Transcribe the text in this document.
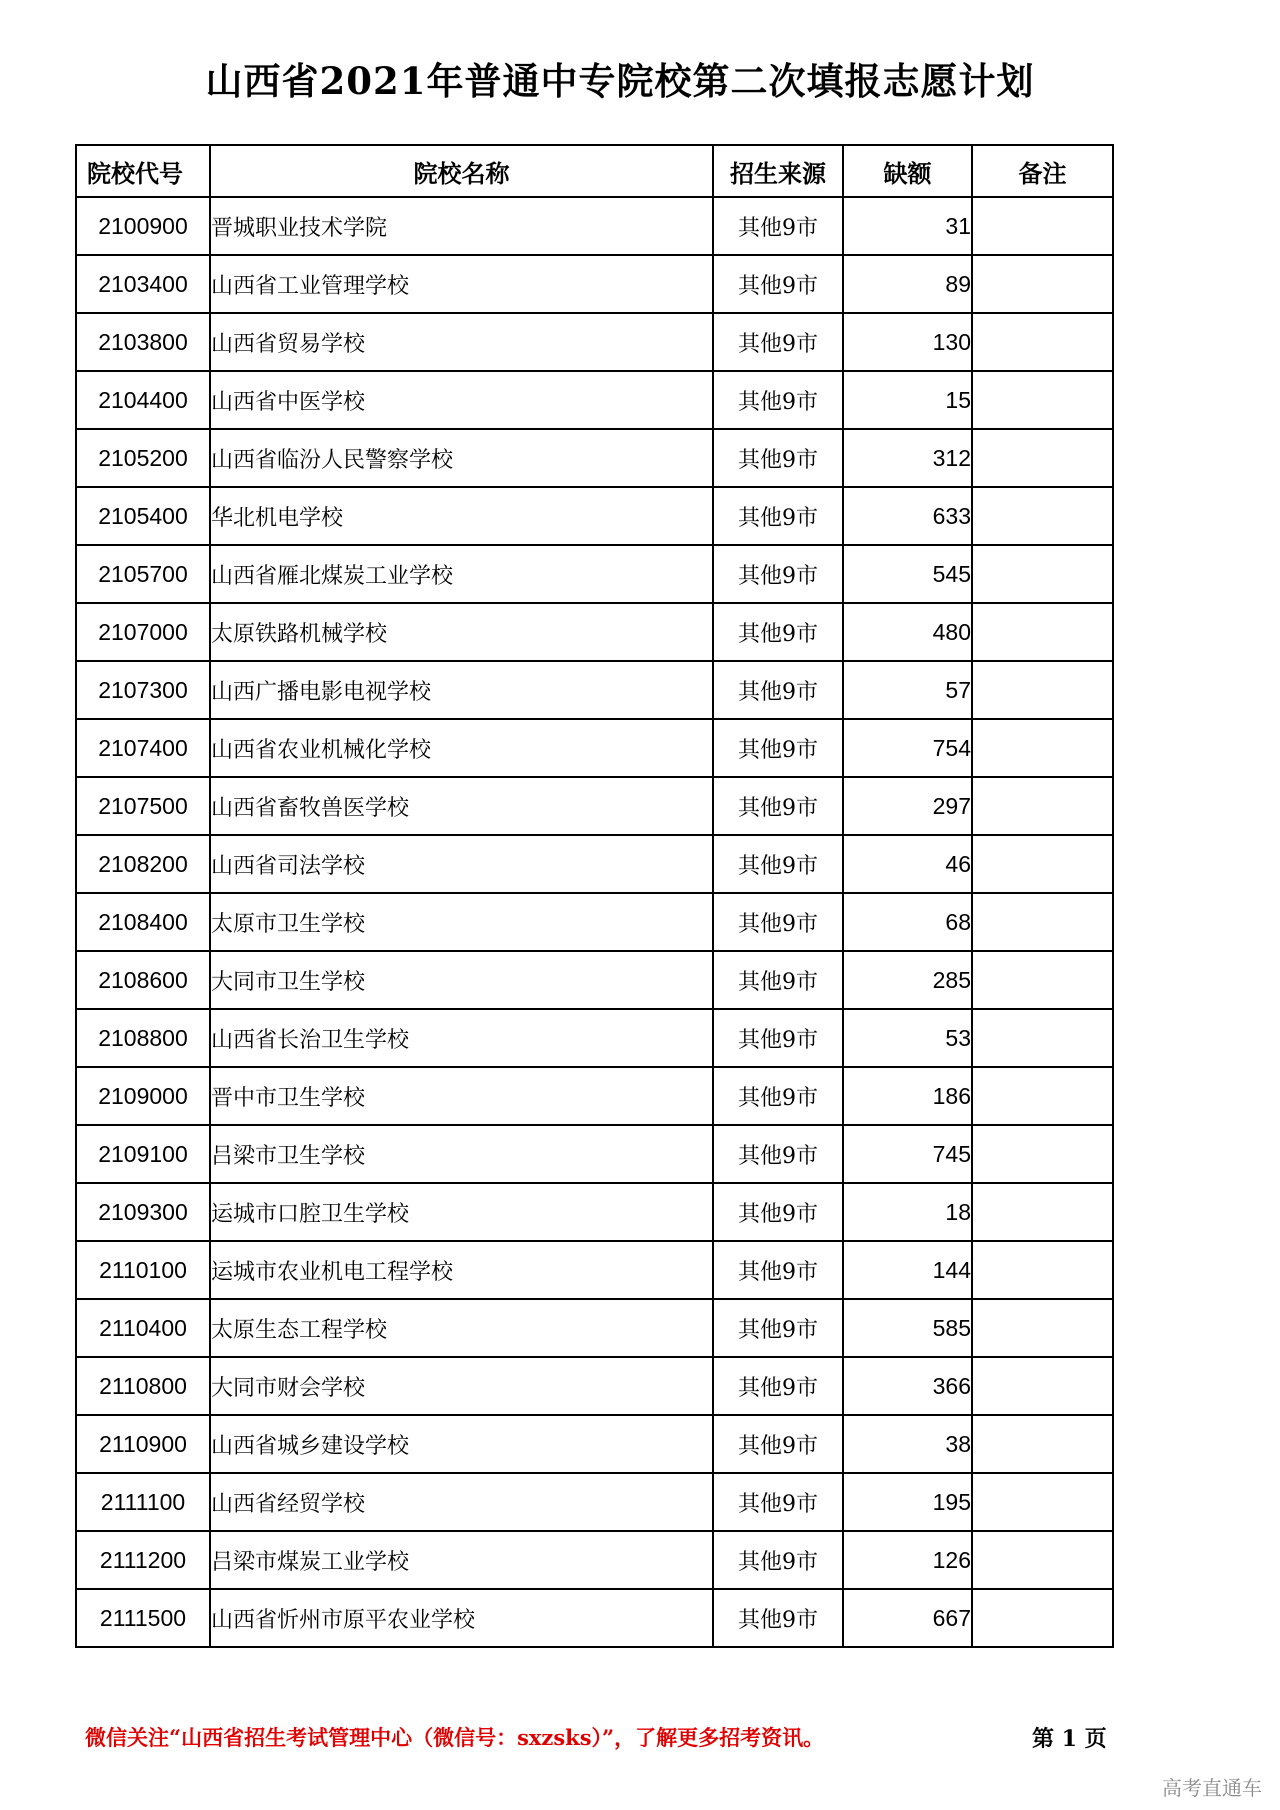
山西省2021年普通中专院校第二次填报志愿计划
院校代号	院校名称	招生来源	缺额	备注
2100900	晋城职业技术学院	其他9市	31	
2103400	山西省工业管理学校	其他9市	89	
2103800	山西省贸易学校	其他9市	130	
2104400	山西省中医学校	其他9市	15	
2105200	山西省临汾人民警察学校	其他9市	312	
2105400	华北机电学校	其他9市	633	
2105700	山西省雁北煤炭工业学校	其他9市	545	
2107000	太原铁路机械学校	其他9市	480	
2107300	山西广播电影电视学校	其他9市	57	
2107400	山西省农业机械化学校	其他9市	754	
2107500	山西省畜牧兽医学校	其他9市	297	
2108200	山西省司法学校	其他9市	46	
2108400	太原市卫生学校	其他9市	68	
2108600	大同市卫生学校	其他9市	285	
2108800	山西省长治卫生学校	其他9市	53	
2109000	晋中市卫生学校	其他9市	186	
2109100	吕梁市卫生学校	其他9市	745	
2109300	运城市口腔卫生学校	其他9市	18	
2110100	运城市农业机电工程学校	其他9市	144	
2110400	太原生态工程学校	其他9市	585	
2110800	大同市财会学校	其他9市	366	
2110900	山西省城乡建设学校	其他9市	38	
2111100	山西省经贸学校	其他9市	195	
2111200	吕梁市煤炭工业学校	其他9市	126	
2111500	山西省忻州市原平农业学校	其他9市	667	
微信关注“山西省招生考试管理中心（微信号：sxzsks）”，了解更多招考资讯。	第 1 页
高考直通车
